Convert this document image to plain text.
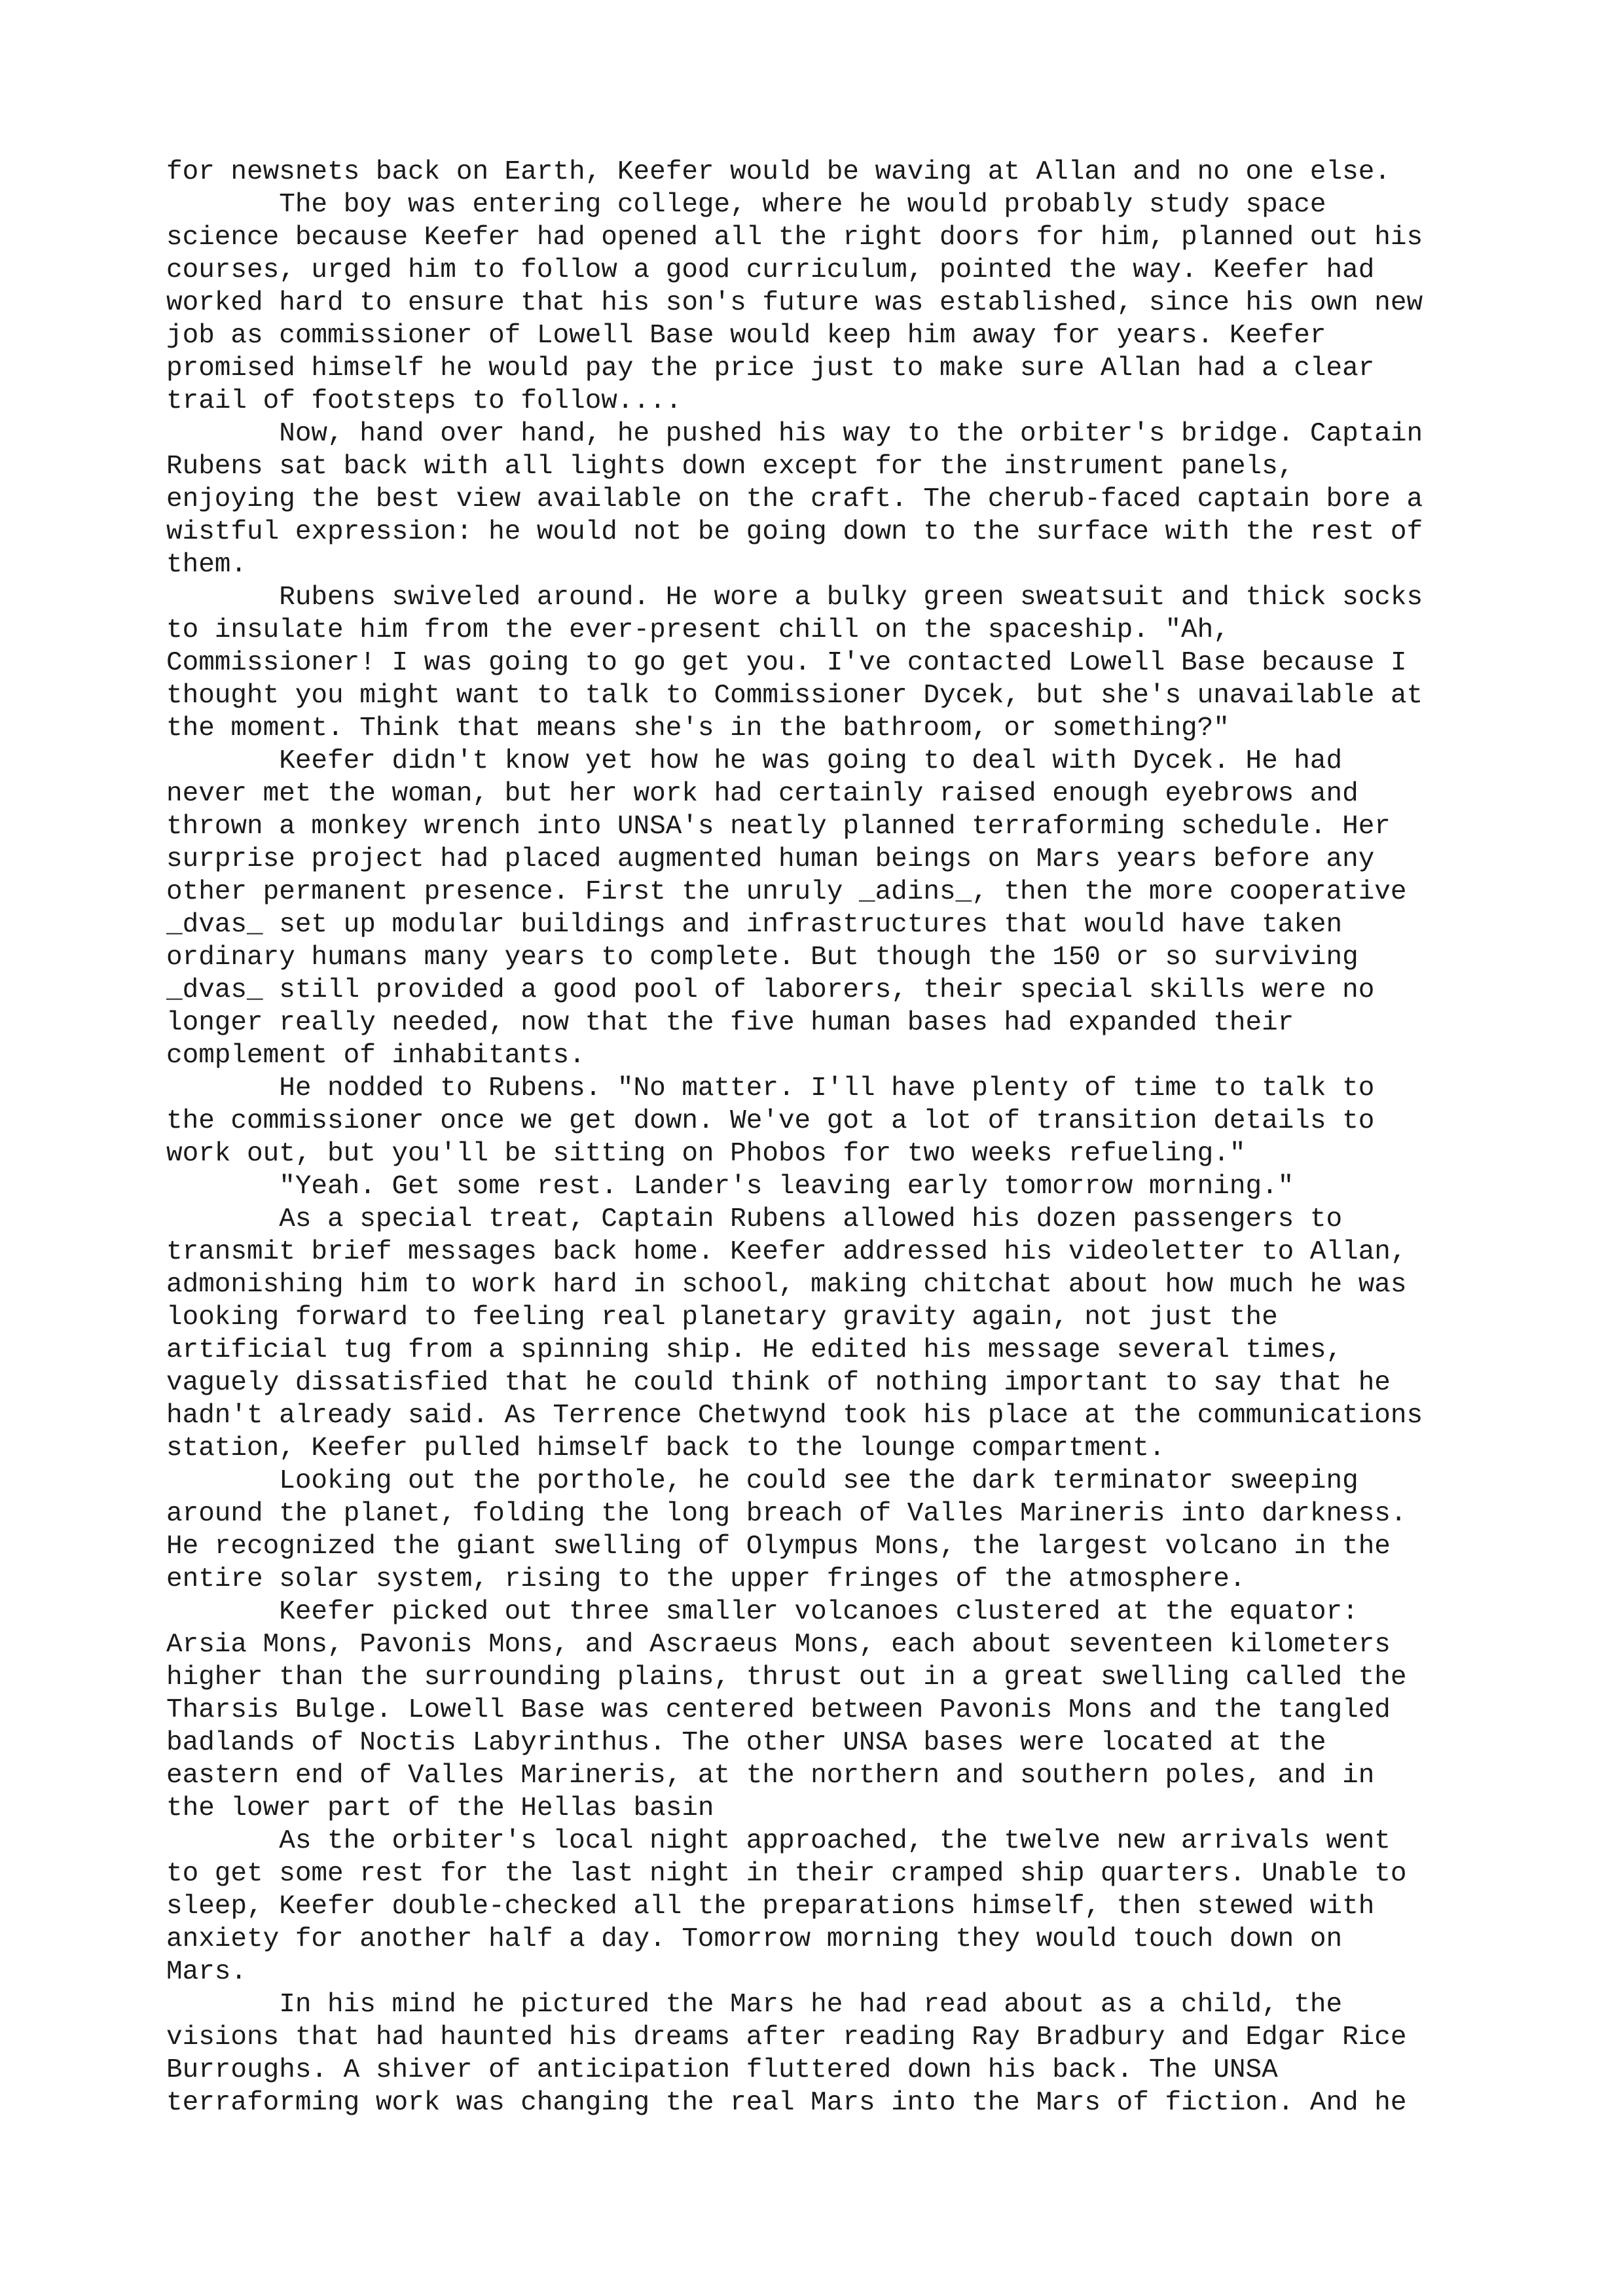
for newsnets back on Earth, Keefer would be waving at Allan and no one else.
The boy was entering college, where he would probably study space
science because Keefer had opened all the right doors for him, planned out his
courses, urged him to follow a good curriculum, pointed the way. Keefer had
worked hard to ensure that his son's future was established, since his own new
job as commissioner of Lowell Base would keep him away for years. Keefer
promised himself he would pay the price just to make sure Allan had a clear
trail of footsteps to follow....
Now, hand over hand, he pushed his way to the orbiter's bridge. Captain
Rubens sat back with all lights down except for the instrument panels,
enjoying the best view available on the craft. The cherub-faced captain bore a
wistful expression: he would not be going down to the surface with the rest of
them.
Rubens swiveled around. He wore a bulky green sweatsuit and thick socks
to insulate him from the ever-present chill on the spaceship. "Ah,
Commissioner! I was going to go get you. I've contacted Lowell Base because I
thought you might want to talk to Commissioner Dycek, but she's unavailable at
the moment. Think that means she's in the bathroom, or something?"
Keefer didn't know yet how he was going to deal with Dycek. He had
never met the woman, but her work had certainly raised enough eyebrows and
thrown a monkey wrench into UNSA's neatly planned terraforming schedule. Her
surprise project had placed augmented human beings on Mars years before any
other permanent presence. First the unruly _adins_, then the more cooperative
_dvas_ set up modular buildings and infrastructures that would have taken
ordinary humans many years to complete. But though the 150 or so surviving
_dvas_ still provided a good pool of laborers, their special skills were no
longer really needed, now that the five human bases had expanded their
complement of inhabitants.
He nodded to Rubens. "No matter. I'll have plenty of time to talk to
the commissioner once we get down. We've got a lot of transition details to
work out, but you'll be sitting on Phobos for two weeks refueling."
"Yeah. Get some rest. Lander's leaving early tomorrow morning."
As a special treat, Captain Rubens allowed his dozen passengers to
transmit brief messages back home. Keefer addressed his videoletter to Allan,
admonishing him to work hard in school, making chitchat about how much he was
looking forward to feeling real planetary gravity again, not just the
artificial tug from a spinning ship. He edited his message several times,
vaguely dissatisfied that he could think of nothing important to say that he
hadn't already said. As Terrence Chetwynd took his place at the communications
station, Keefer pulled himself back to the lounge compartment.
Looking out the porthole, he could see the dark terminator sweeping
around the planet, folding the long breach of Valles Marineris into darkness.
He recognized the giant swelling of Olympus Mons, the largest volcano in the
entire solar system, rising to the upper fringes of the atmosphere.
Keefer picked out three smaller volcanoes clustered at the equator:
Arsia Mons, Pavonis Mons, and Ascraeus Mons, each about seventeen kilometers
higher than the surrounding plains, thrust out in a great swelling called the
Tharsis Bulge. Lowell Base was centered between Pavonis Mons and the tangled
badlands of Noctis Labyrinthus. The other UNSA bases were located at the
eastern end of Valles Marineris, at the northern and southern poles, and in
the lower part of the Hellas basin
As the orbiter's local night approached, the twelve new arrivals went
to get some rest for the last night in their cramped ship quarters. Unable to
sleep, Keefer double-checked all the preparations himself, then stewed with
anxiety for another half a day. Tomorrow morning they would touch down on
Mars.
In his mind he pictured the Mars he had read about as a child, the
visions that had haunted his dreams after reading Ray Bradbury and Edgar Rice
Burroughs. A shiver of anticipation fluttered down his back. The UNSA
terraforming work was changing the real Mars into the Mars of fiction. And he
